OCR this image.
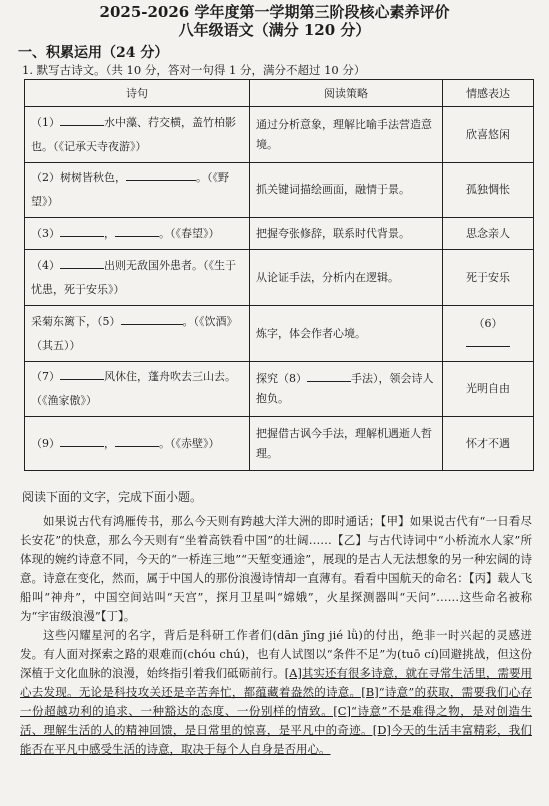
2025-2026 学年度第一学期第三阶段核心素养评价
八年级语文（满分 120 分）
一、积累运用（24 分）
1. 默写古诗文。（共 10 分，答对一句得 1 分，满分不超过 10 分）
诗句	阅读策略	情感表达
（1） 水中藻、荇交横，盖竹柏影也。（《记承天寺夜游》）	通过分析意象，理解比喻手法营造意境。	欣喜悠闲
（2）树树皆秋色， 。（《野望》）	抓关键词描绘画面，融情于景。	孤独惆怅
（3） ， 。（《春望》）	把握夸张修辞，联系时代背景。	思念亲人
（4） 出则无敌国外患者。（《生于忧患，死于安乐》）	从论证手法，分析内在逻辑。	死于安乐
采菊东篱下，（5） 。（《饮酒》（其五））	炼字，体会作者心境。	（6）

（7） 风休住，蓬舟吹去三山去。（《渔家傲》）	探究（8） 手法），领会诗人抱负。	光明自由
（9） ， 。（《赤壁》）	把握借古讽今手法，理解机遇逝人哲理。	怀才不遇
阅读下面的文字，完成下面小题。

如果说古代有鸿雁传书，那么今天则有跨越大洋大洲的即时通话；【甲】如果说古代有“一日看尽长安花”的快意，那么今天则有“坐着高铁看中国”的壮阔……【乙】与古代诗词中“小桥流水人家”所体现的婉约诗意不同，今天的“一桥连三地”“天堑变通途”，展现的是古人无法想象的另一种宏阔的诗意。诗意在变化，然而，属于中国人的那份浪漫诗情却一直薄有。看看中国航天的命名：【丙】载人飞船叫“神舟”，中国空间站叫“天宫”，探月卫星叫“嫦娥”，火星探测器叫“天问”……这些命名被称为“宇宙级浪漫”【丁】。

这些闪耀星河的名字，背后是科研工作者们(dān jīng jié lǜ)的付出，绝非一时兴起的灵感迸发。有人面对探索之路的艰难而(chóu chú)，也有人试图以“条件不足”为(tuō cí)回避挑战，但这份深植于文化血脉的浪漫，始终指引着我们砥砺前行。[A]其实还有很多诗意，就在寻常生活里，需要用心去发现。无论是科技攻关还是辛苦奔忙，都蕴藏着盎然的诗意。[B]“诗意”的获取，需要我们心存一份超越功利的追求、一种豁达的态度、一份别样的情致。[C]“诗意”不是难得之物，是对创造生活、理解生活的人的精神回馈，是日常里的惊喜，是平凡中的奇迹。[D]今天的生活丰富精彩，我们能否在平凡中感受生活的诗意，取决于每个人自身是否用心。
